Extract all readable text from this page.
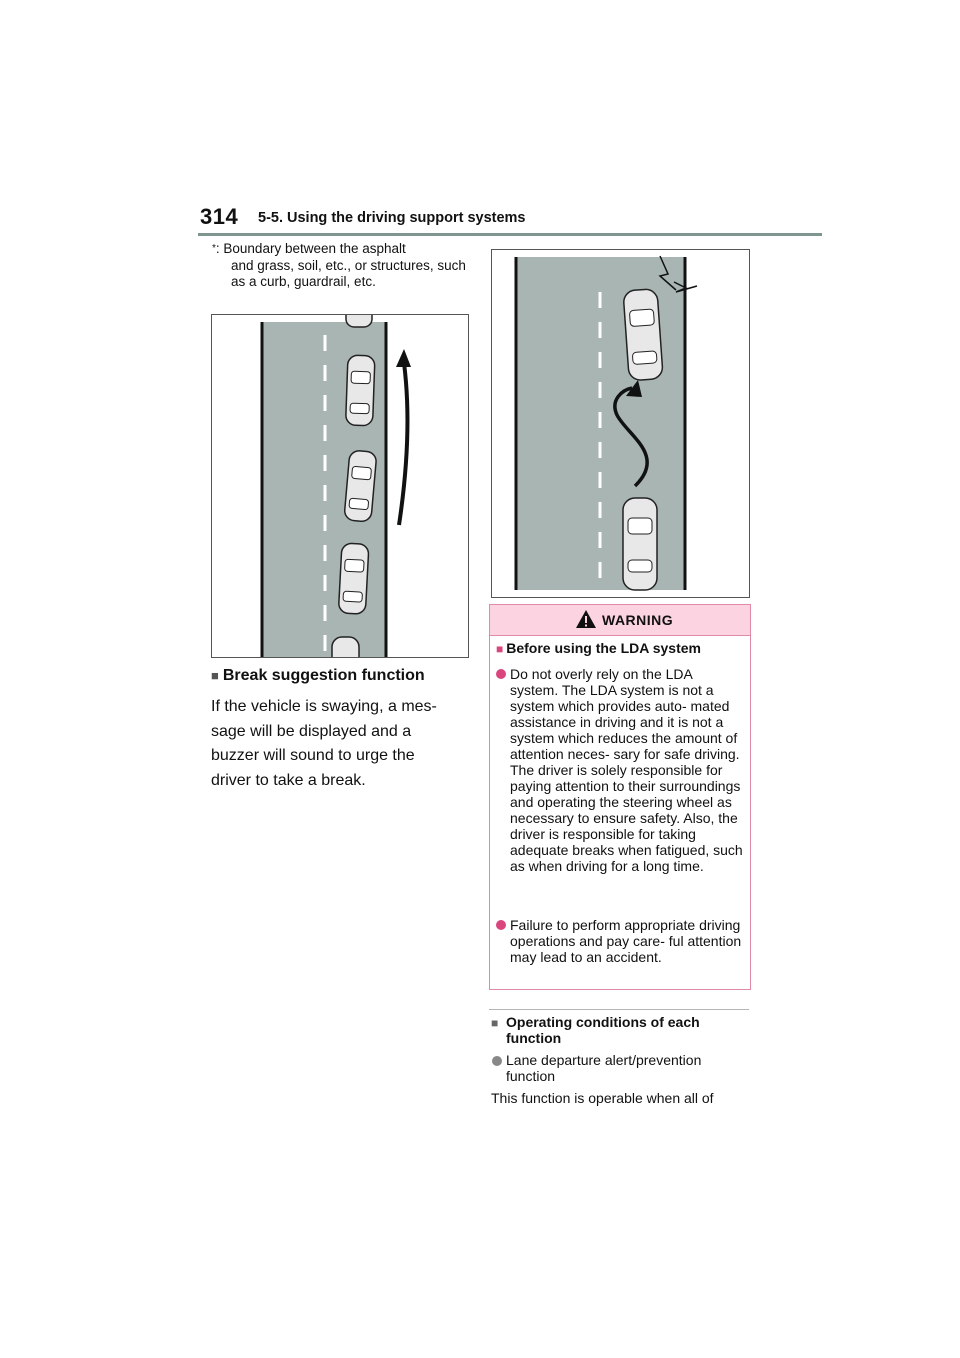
314 5-5. Using the driving support systems
*: Boundary between the asphalt
and grass, soil, etc., or structures, such as a curb, guardrail, etc.
■ Break suggestion function
If the vehicle is swaying, a mes-
sage will be displayed and a
buzzer will sound to urge the
driver to take a break.
WARNING
■ Before using the LDA system
Do not overly rely on the LDA system. The LDA system is not a system which provides auto- mated assistance in driving and it is not a system which reduces the amount of attention neces- sary for safe driving. The driver is solely responsible for paying attention to their surroundings and operating the steering wheel as necessary to ensure safety. Also, the driver is responsible for taking adequate breaks when fatigued, such as when driving for a long time.
Failure to perform appropriate driving operations and pay care- ful attention may lead to an accident.
■ Operating conditions of each function
Lane departure alert/prevention function
This function is operable when all of
